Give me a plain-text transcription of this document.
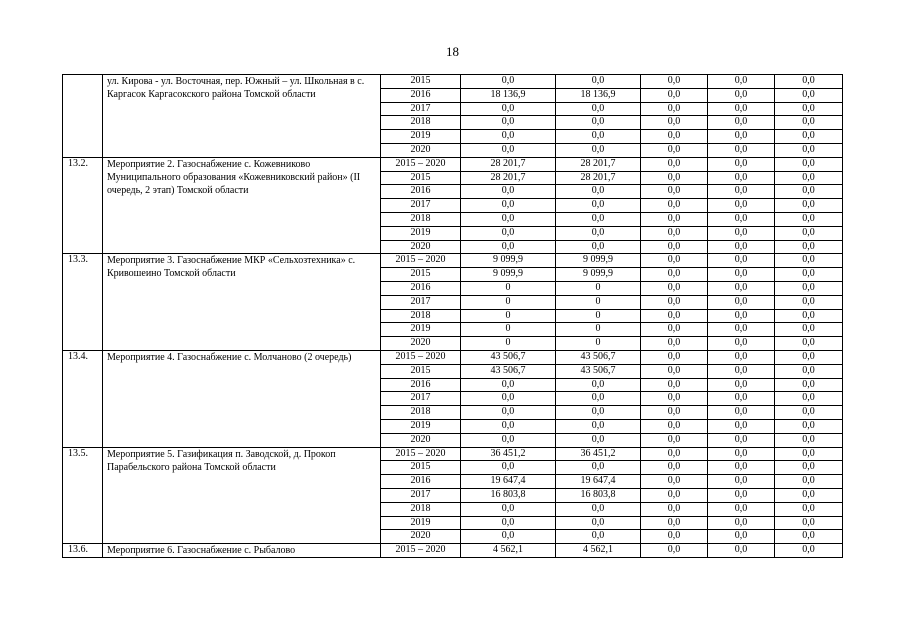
18
	ул. Кирова - ул. Восточная, пер. Южный – ул. Школьная в с. Каргасок Каргасокского района Томской области	2015	0,0	0,0	0,0	0,0	0,0
		2016	18 136,9	18 136,9	0,0	0,0	0,0
		2017	0,0	0,0	0,0	0,0	0,0
		2018	0,0	0,0	0,0	0,0	0,0
		2019	0,0	0,0	0,0	0,0	0,0
		2020	0,0	0,0	0,0	0,0	0,0
13.2.	Мероприятие 2. Газоснабжение с. Кожевниково Муниципального образования «Кожевниковский район» (II очередь, 2 этап) Томской области	2015 – 2020	28 201,7	28 201,7	0,0	0,0	0,0
		2015	28 201,7	28 201,7	0,0	0,0	0,0
		2016	0,0	0,0	0,0	0,0	0,0
		2017	0,0	0,0	0,0	0,0	0,0
		2018	0,0	0,0	0,0	0,0	0,0
		2019	0,0	0,0	0,0	0,0	0,0
		2020	0,0	0,0	0,0	0,0	0,0
13.3.	Мероприятие 3. Газоснабжение МКР «Сельхозтехника» с. Кривошеино Томской области	2015 – 2020	9 099,9	9 099,9	0,0	0,0	0,0
		2015	9 099,9	9 099,9	0,0	0,0	0,0
		2016	0	0	0,0	0,0	0,0
		2017	0	0	0,0	0,0	0,0
		2018	0	0	0,0	0,0	0,0
		2019	0	0	0,0	0,0	0,0
		2020	0	0	0,0	0,0	0,0
13.4.	Мероприятие 4. Газоснабжение с. Молчаново (2 очередь)	2015 – 2020	43 506,7	43 506,7	0,0	0,0	0,0
		2015	43 506,7	43 506,7	0,0	0,0	0,0
		2016	0,0	0,0	0,0	0,0	0,0
		2017	0,0	0,0	0,0	0,0	0,0
		2018	0,0	0,0	0,0	0,0	0,0
		2019	0,0	0,0	0,0	0,0	0,0
		2020	0,0	0,0	0,0	0,0	0,0
13.5.	Мероприятие 5. Газификация п. Заводской, д. Прокоп Парабельского района Томской области	2015 – 2020	36 451,2	36 451,2	0,0	0,0	0,0
		2015	0,0	0,0	0,0	0,0	0,0
		2016	19 647,4	19 647,4	0,0	0,0	0,0
		2017	16 803,8	16 803,8	0,0	0,0	0,0
		2018	0,0	0,0	0,0	0,0	0,0
		2019	0,0	0,0	0,0	0,0	0,0
		2020	0,0	0,0	0,0	0,0	0,0
13.6.	Мероприятие 6. Газоснабжение с. Рыбалово	2015 – 2020	4 562,1	4 562,1	0,0	0,0	0,0
